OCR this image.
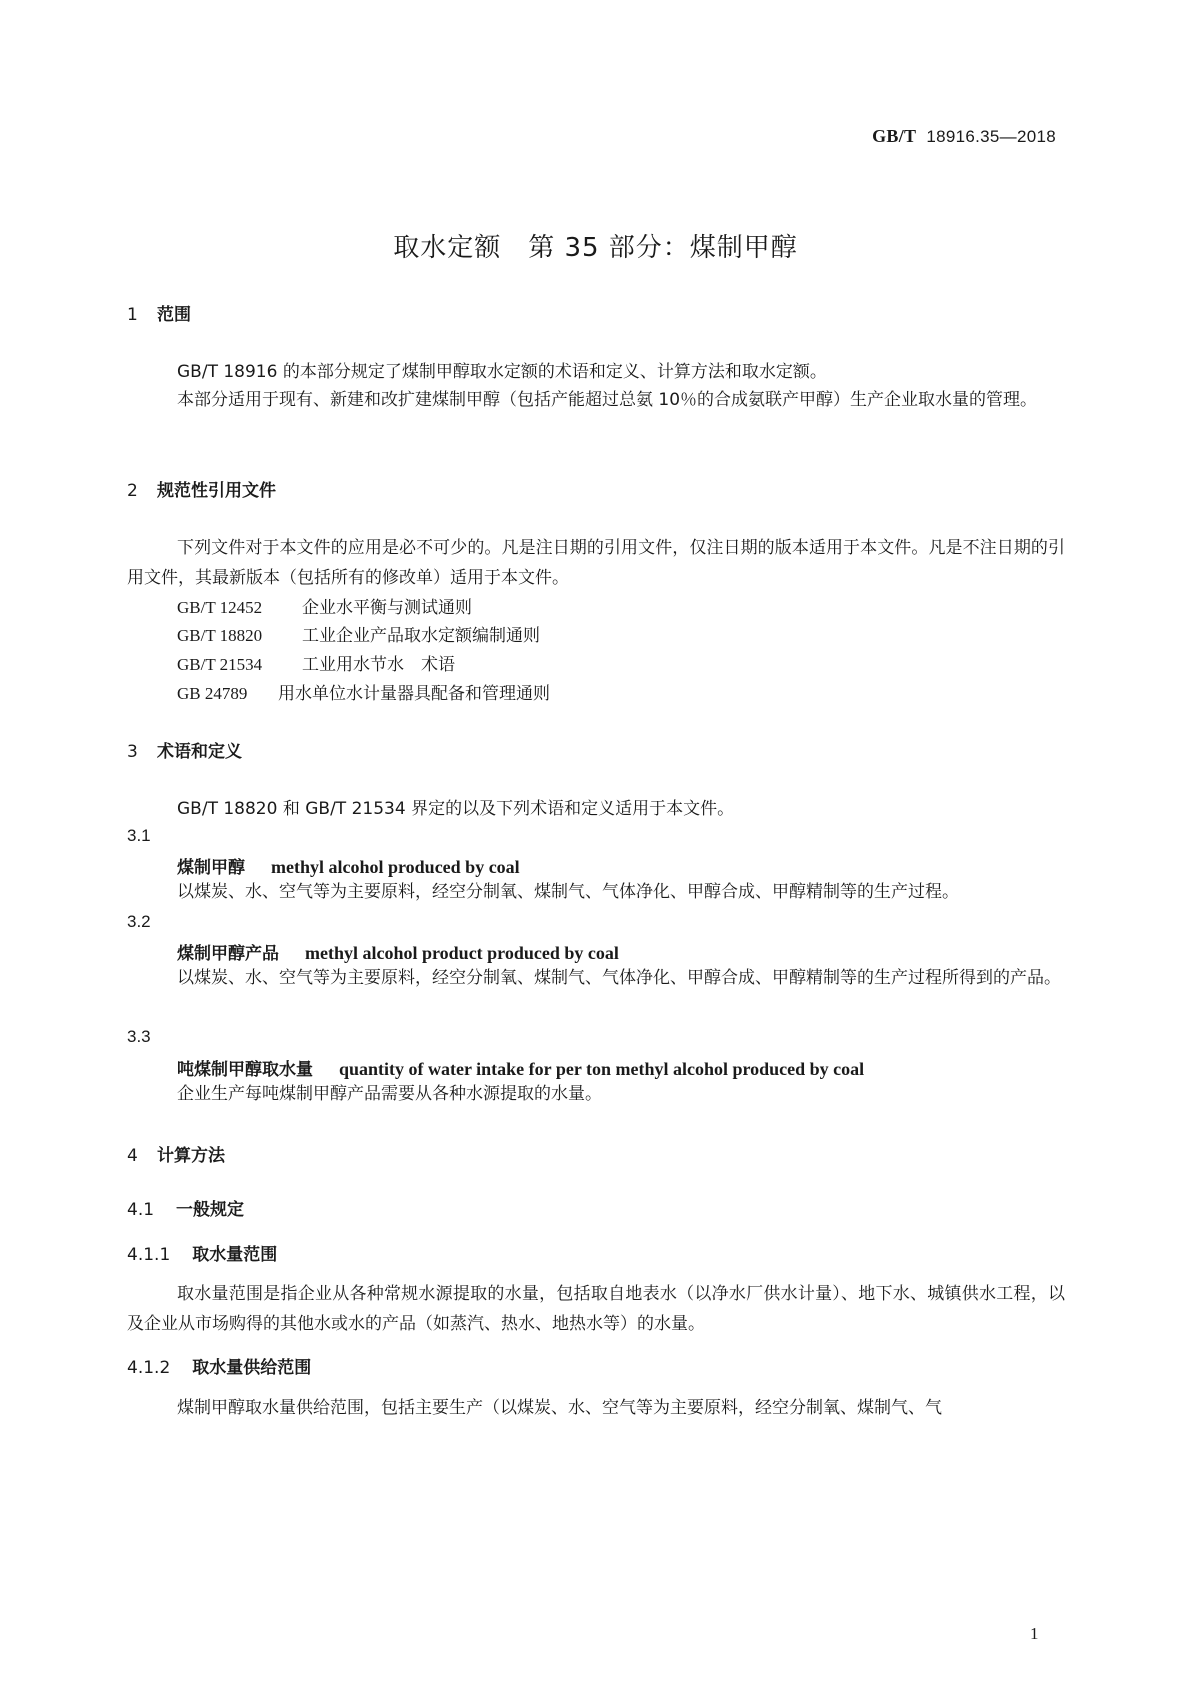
GB/T 18916.35—2018
取水定额　第 35 部分：煤制甲醇
1 范围
GB/T 18916 的本部分规定了煤制甲醇取水定额的术语和定义、计算方法和取水定额。
本部分适用于现有、新建和改扩建煤制甲醇（包括产能超过总氨 10％的合成氨联产甲醇）生产企业取水量的管理。
2 规范性引用文件
下列文件对于本文件的应用是必不可少的。凡是注日期的引用文件，仅注日期的版本适用于本文件。凡是不注日期的引用文件，其最新版本（包括所有的修改单）适用于本文件。
GB/T 12452 企业水平衡与测试通则
GB/T 18820 工业企业产品取水定额编制通则
GB/T 21534 工业用水节水　术语
GB 24789 用水单位水计量器具配备和管理通则
3 术语和定义
GB/T 18820 和 GB/T 21534 界定的以及下列术语和定义适用于本文件。
3.1
煤制甲醇 methyl alcohol produced by coal
以煤炭、水、空气等为主要原料，经空分制氧、煤制气、气体净化、甲醇合成、甲醇精制等的生产过程。
3.2
煤制甲醇产品 methyl alcohol product produced by coal
以煤炭、水、空气等为主要原料，经空分制氧、煤制气、气体净化、甲醇合成、甲醇精制等的生产过程所得到的产品。
3.3
吨煤制甲醇取水量 quantity of water intake for per ton methyl alcohol produced by coal
企业生产每吨煤制甲醇产品需要从各种水源提取的水量。
4 计算方法
4.1 一般规定
4.1.1 取水量范围
取水量范围是指企业从各种常规水源提取的水量，包括取自地表水（以净水厂供水计量）、地下水、城镇供水工程，以及企业从市场购得的其他水或水的产品（如蒸汽、热水、地热水等）的水量。
4.1.2 取水量供给范围
煤制甲醇取水量供给范围，包括主要生产（以煤炭、水、空气等为主要原料，经空分制氧、煤制气、气
1
